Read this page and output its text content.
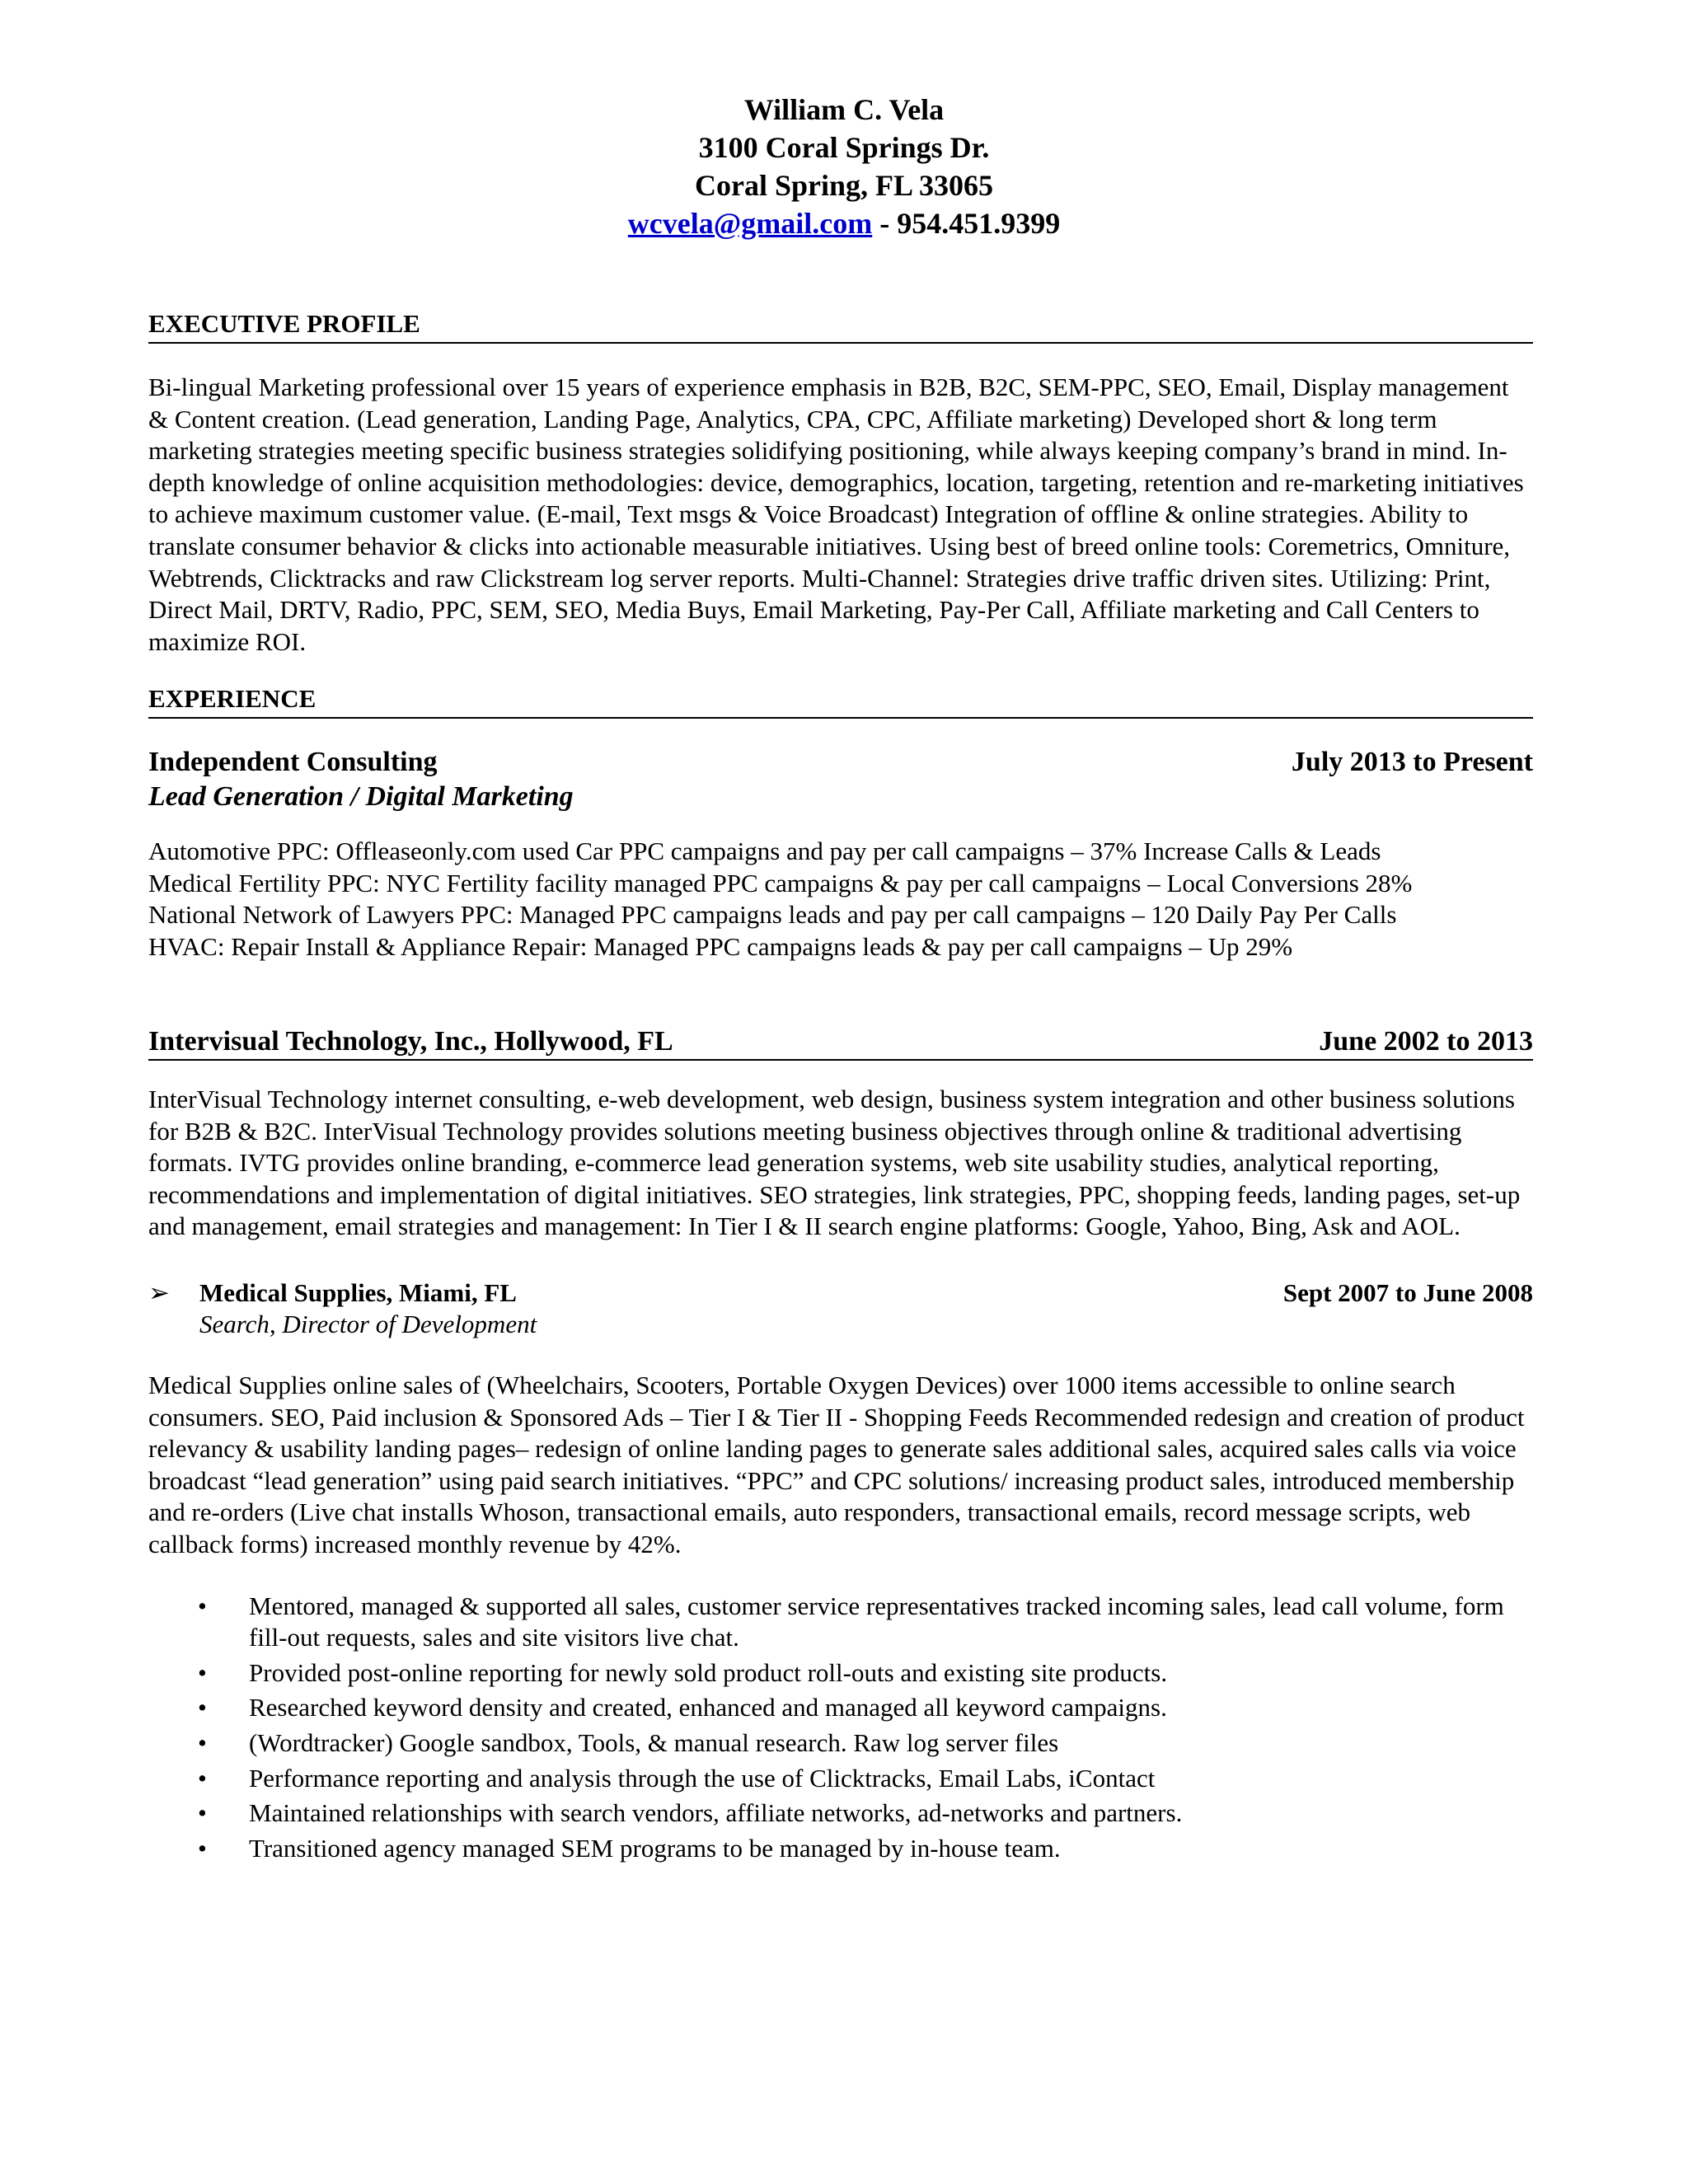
William C. Vela
3100 Coral Springs Dr.
Coral Spring, FL 33065
wcvela@gmail.com - 954.451.9399
EXECUTIVE PROFILE
Bi-lingual Marketing professional over 15 years of experience emphasis in B2B, B2C, SEM-PPC, SEO, Email, Display management & Content creation. (Lead generation, Landing Page, Analytics, CPA, CPC, Affiliate marketing) Developed short & long term marketing strategies meeting specific business strategies solidifying positioning, while always keeping company’s brand in mind. In-depth knowledge of online acquisition methodologies: device, demographics, location, targeting, retention and re-marketing initiatives to achieve maximum customer value. (E-mail, Text msgs & Voice Broadcast) Integration of offline & online strategies. Ability to translate consumer behavior & clicks into actionable measurable initiatives. Using best of breed online tools: Coremetrics, Omniture, Webtrends, Clicktracks and raw Clickstream log server reports. Multi-Channel: Strategies drive traffic driven sites. Utilizing: Print, Direct Mail, DRTV, Radio, PPC, SEM, SEO, Media Buys, Email Marketing, Pay-Per Call, Affiliate marketing and Call Centers to maximize ROI.
EXPERIENCE
Independent Consulting	July 2013 to Present
Lead Generation / Digital Marketing
Automotive PPC: Offleaseonly.com used Car PPC campaigns and pay per call campaigns – 37% Increase Calls & Leads
Medical Fertility PPC: NYC Fertility facility managed PPC campaigns & pay per call campaigns – Local Conversions 28%
National Network of Lawyers PPC: Managed PPC campaigns leads and pay per call campaigns – 120 Daily Pay Per Calls
HVAC: Repair Install & Appliance Repair: Managed PPC campaigns leads & pay per call campaigns – Up 29%
Intervisual Technology, Inc., Hollywood, FL	June 2002 to 2013
InterVisual Technology internet consulting, e-web development, web design, business system integration and other business solutions for B2B & B2C. InterVisual Technology provides solutions meeting business objectives through online & traditional advertising formats. IVTG provides online branding, e-commerce lead generation systems, web site usability studies, analytical reporting, recommendations and implementation of digital initiatives. SEO strategies, link strategies, PPC, shopping feeds, landing pages, set-up and management, email strategies and management: In Tier I & II search engine platforms: Google, Yahoo, Bing, Ask and AOL.
➢	Medical Supplies, Miami, FL	Sept 2007 to June 2008
Search, Director of Development
Medical Supplies online sales of (Wheelchairs, Scooters, Portable Oxygen Devices) over 1000 items accessible to online search consumers. SEO, Paid inclusion & Sponsored Ads – Tier I & Tier II - Shopping Feeds Recommended redesign and creation of product relevancy & usability landing pages– redesign of online landing pages to generate sales additional sales, acquired sales calls via voice broadcast “lead generation” using paid search initiatives. “PPC” and CPC solutions/ increasing product sales, introduced membership and re-orders (Live chat installs Whoson, transactional emails, auto responders, transactional emails, record message scripts, web callback forms) increased monthly revenue by 42%.
• Mentored, managed & supported all sales, customer service representatives tracked incoming sales, lead call volume, form fill-out requests, sales and site visitors live chat.
• Provided post-online reporting for newly sold product roll-outs and existing site products.
• Researched keyword density and created, enhanced and managed all keyword campaigns.
• (Wordtracker) Google sandbox, Tools, & manual research. Raw log server files
• Performance reporting and analysis through the use of Clicktracks, Email Labs, iContact
• Maintained relationships with search vendors, affiliate networks, ad-networks and partners.
• Transitioned agency managed SEM programs to be managed by in-house team.
